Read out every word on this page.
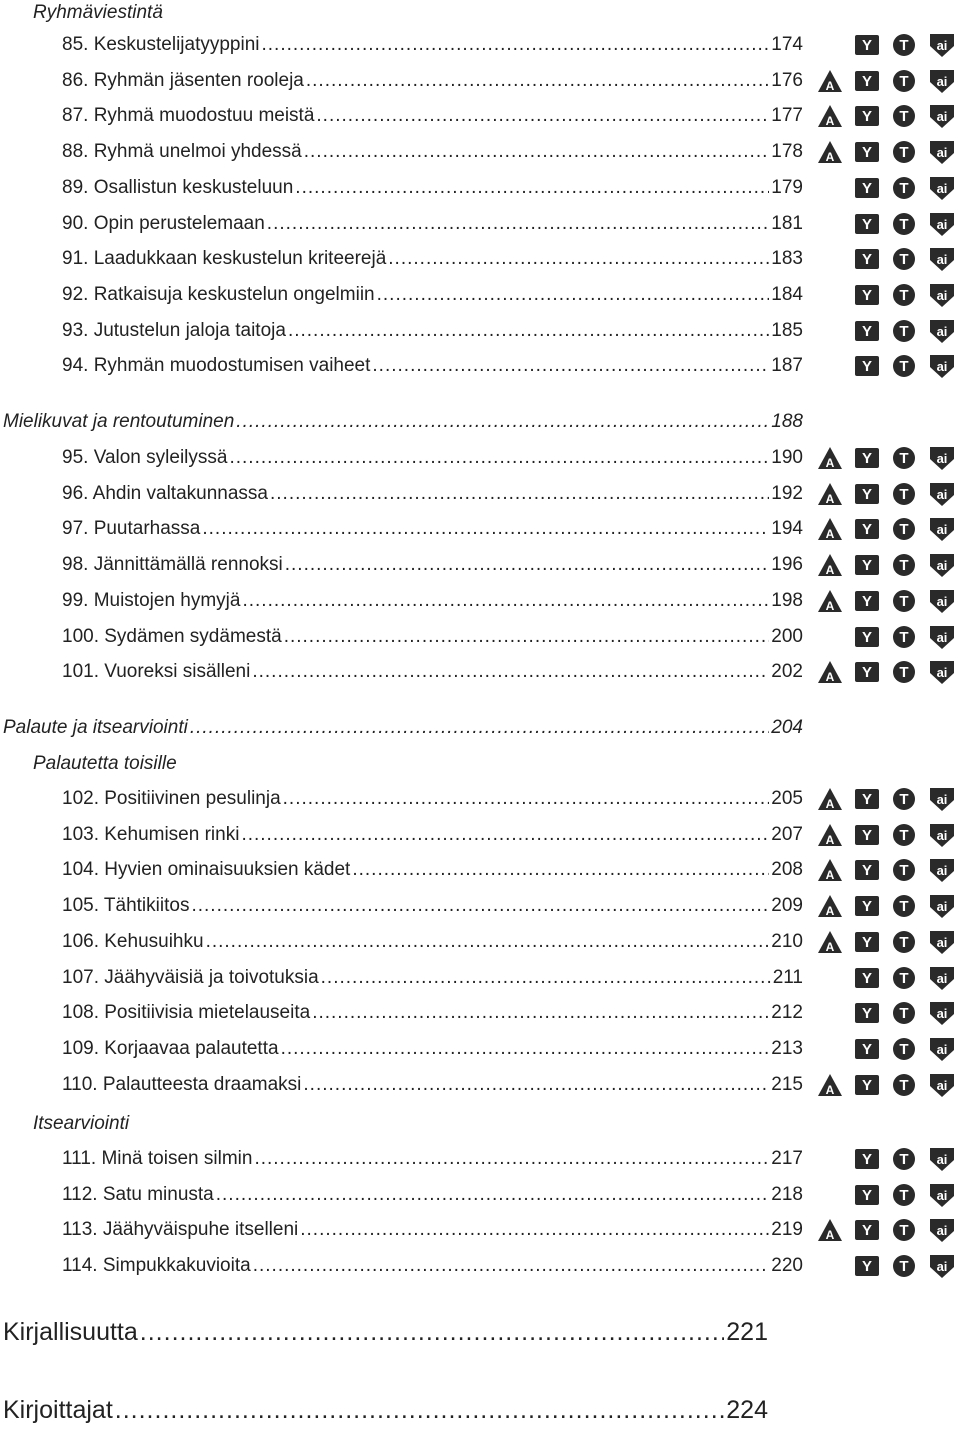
Ryhmäviestintä
85. Keskustelijatyyppini .....	174	Y T ai
86. Ryhmän jäsenten rooleja .....	176 A Y T ai
87. Ryhmä muodostuu meistä .....	177 A Y T ai
88. Ryhmä unelmoi yhdessä .....	178 A Y T ai
89. Osallistun keskusteluun .....	179	Y T ai
90. Opin perustelemaan .....	181	Y T ai
91. Laadukkaan keskustelun kriteerejä .....	183	Y T ai
92. Ratkaisuja keskustelun ongelmiin .....	184	Y T ai
93. Jutustelun jaloja taitoja .....	185	Y T ai
94. Ryhmän muodostumisen vaiheet .....	187	Y T ai
Mielikuvat ja rentoutuminen .....	188
95. Valon syleilyssä .....	190 A Y T ai
96. Ahdin valtakunnassa .....	192 A Y T ai
97. Puutarhassa .....	194 A Y T ai
98. Jännittämällä rennoksi .....	196 A Y T ai
99. Muistojen hymyjä .....	198 A Y T ai
100. Sydämen sydämestä .....	200	Y T ai
101. Vuoreksi sisälleni .....	202 A Y T ai
Palaute ja itsearviointi .....	204
Palautetta toisille
102. Positiivinen pesulinja .....	205 A Y T ai
103. Kehumisen rinki .....	207 A Y T ai
104. Hyvien ominaisuuksien kädet .....	208 A Y T ai
105. Tähtikiitos .....	209 A Y T ai
106. Kehusuihku .....	210 A Y T ai
107. Jäähyväisiä ja toivotuksia .....	211	Y T ai
108. Positiivisia mietelauseita .....	212	Y T ai
109. Korjaavaa palautetta .....	213	Y T ai
110. Palautteesta draamaksi .....	215 A Y T ai
Itsearviointi
111. Minä toisen silmin .....	217	Y T ai
112. Satu minusta .....	218	Y T ai
113. Jäähyväispuhe itselleni .....	219 A Y T ai
114. Simpukkakuvioita .....	220	Y T ai
Kirjallisuutta .....	221
Kirjoittajat .....	224
